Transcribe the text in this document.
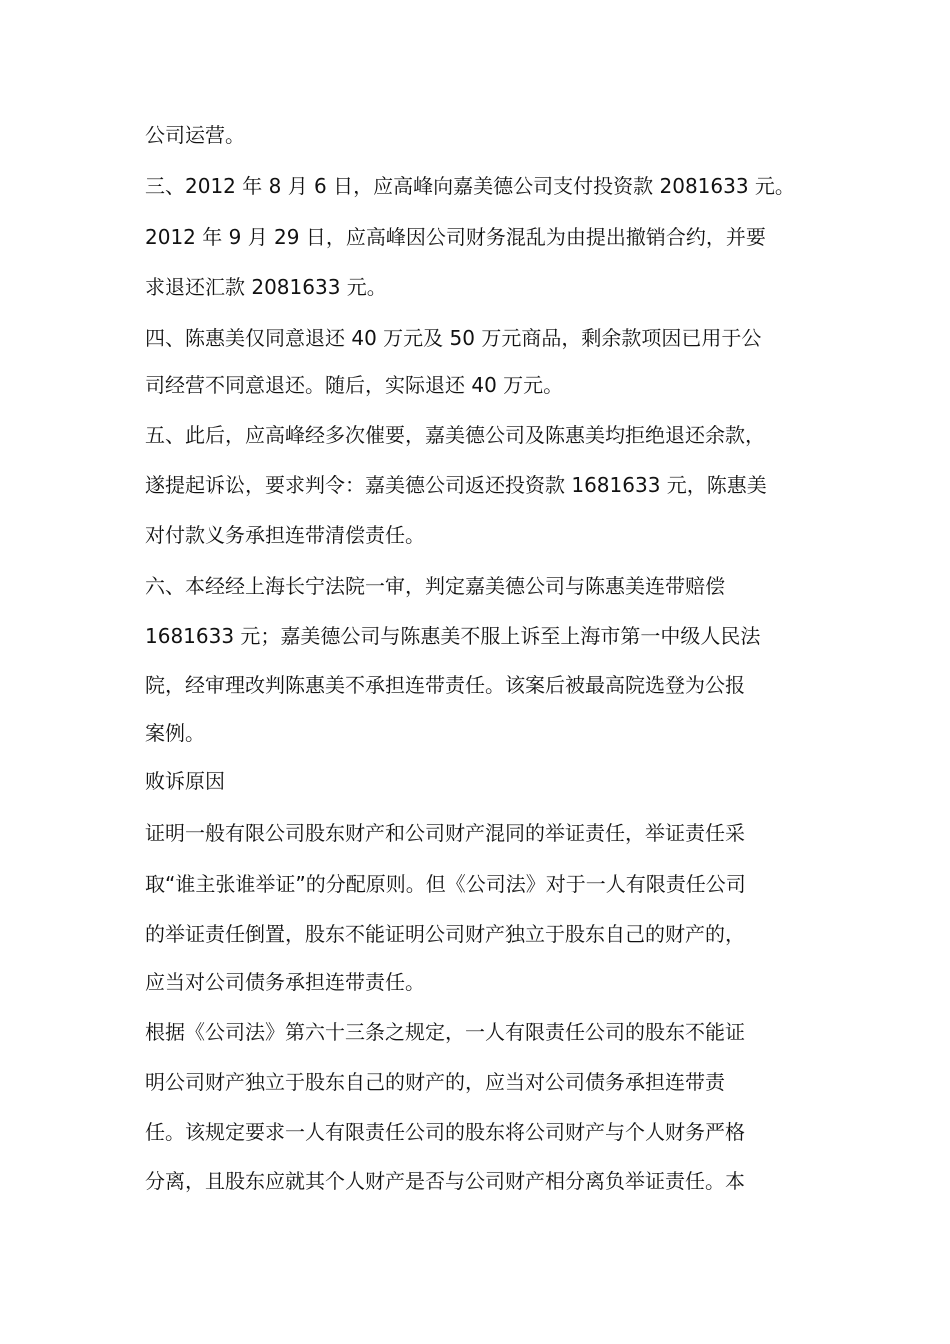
公司运营。
三、2012 年 8 月 6 日，应高峰向嘉美德公司支付投资款 2081633 元。
2012 年 9 月 29 日，应高峰因公司财务混乱为由提出撤销合约，并要
求退还汇款 2081633 元。
四、陈惠美仅同意退还 40 万元及 50 万元商品，剩余款项因已用于公
司经营不同意退还。随后，实际退还 40 万元。
五、此后，应高峰经多次催要，嘉美德公司及陈惠美均拒绝退还余款，
遂提起诉讼，要求判令：嘉美德公司返还投资款 1681633 元，陈惠美
对付款义务承担连带清偿责任。
六、本经经上海长宁法院一审，判定嘉美德公司与陈惠美连带赔偿
1681633 元；嘉美德公司与陈惠美不服上诉至上海市第一中级人民法
院，经审理改判陈惠美不承担连带责任。该案后被最高院选登为公报
案例。
败诉原因
证明一般有限公司股东财产和公司财产混同的举证责任，举证责任采
取“谁主张谁举证”的分配原则。但《公司法》对于一人有限责任公司
的举证责任倒置，股东不能证明公司财产独立于股东自己的财产的，
应当对公司债务承担连带责任。
根据《公司法》第六十三条之规定，一人有限责任公司的股东不能证
明公司财产独立于股东自己的财产的，应当对公司债务承担连带责
任。该规定要求一人有限责任公司的股东将公司财产与个人财务严格
分离，且股东应就其个人财产是否与公司财产相分离负举证责任。本
